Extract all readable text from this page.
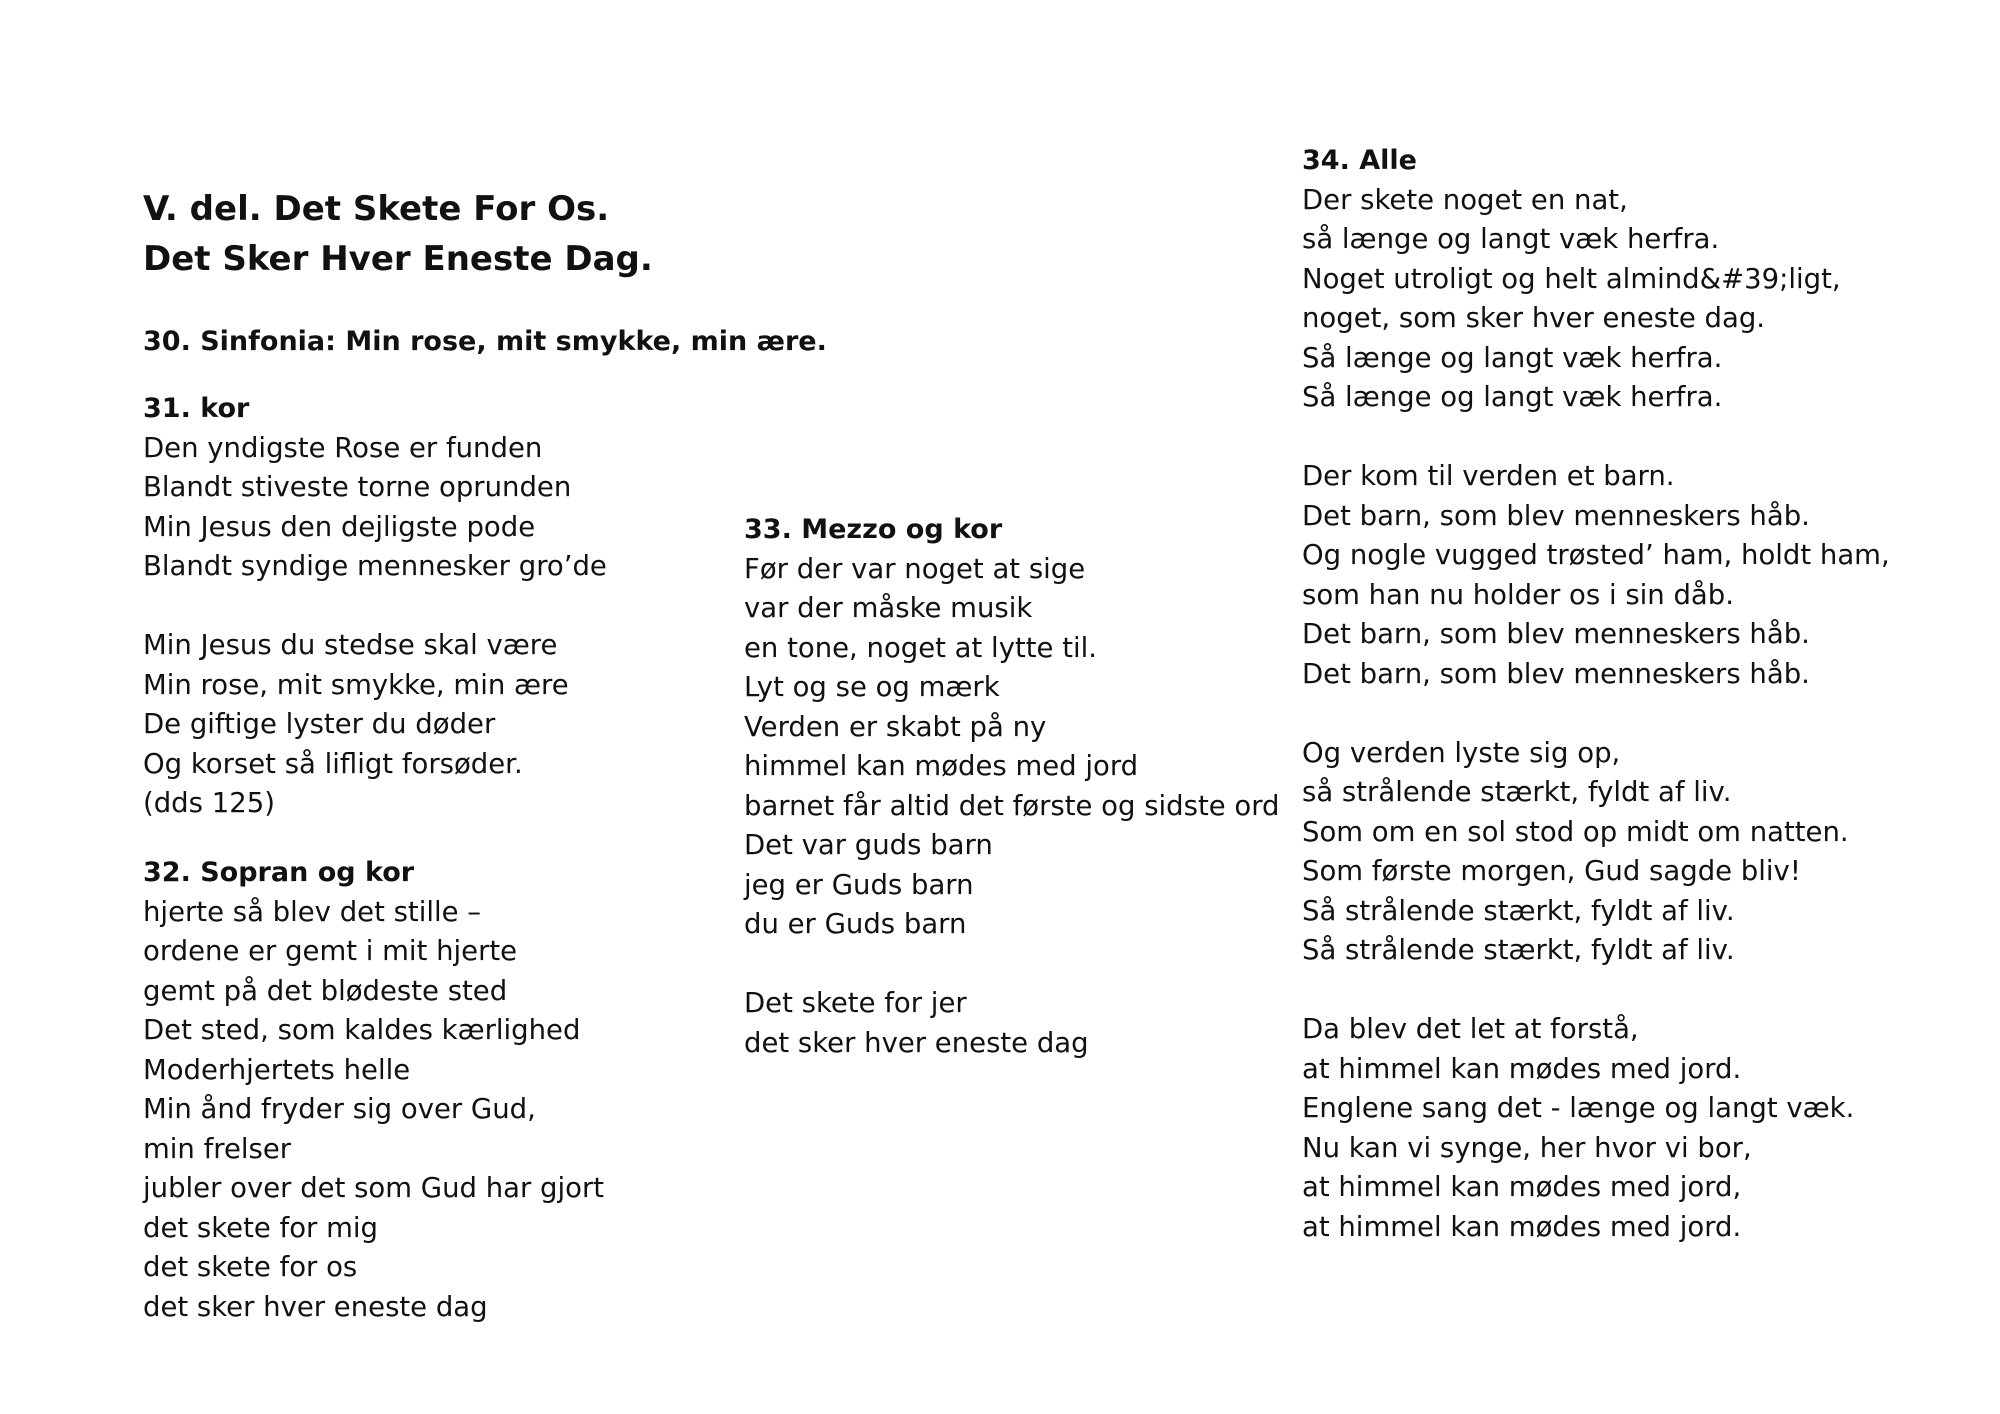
V. del. Det Skete For Os.
Det Sker Hver Eneste Dag.
30. Sinfonia: Min rose, mit smykke, min ære.
31. kor
Den yndigste Rose er funden
Blandt stiveste torne oprunden
Min Jesus den dejligste pode
Blandt syndige mennesker gro’de
Min Jesus du stedse skal være
Min rose, mit smykke, min ære
De giftige lyster du døder
Og korset så lifligt forsøder.
(dds 125)
32. Sopran og kor
hjerte så blev det stille –
ordene er gemt i mit hjerte
gemt på det blødeste sted
Det sted, som kaldes kærlighed
Moderhjertets helle
Min ånd fryder sig over Gud,
min frelser
jubler over det som Gud har gjort
det skete for mig
det skete for os
det sker hver eneste dag
33. Mezzo og kor
Før der var noget at sige
var der måske musik
en tone, noget at lytte til.
Lyt og se og mærk
Verden er skabt på ny
himmel kan mødes med jord
barnet får altid det første og sidste ord
Det var guds barn
jeg er Guds barn
du er Guds barn
Det skete for jer
det sker hver eneste dag
34. Alle
Der skete noget en nat,
så længe og langt væk herfra.
Noget utroligt og helt almind&#39;ligt,
noget, som sker hver eneste dag.
Så længe og langt væk herfra.
Så længe og langt væk herfra.
Der kom til verden et barn.
Det barn, som blev menneskers håb.
Og nogle vugged trøsted’ ham, holdt ham,
som han nu holder os i sin dåb.
Det barn, som blev menneskers håb.
Det barn, som blev menneskers håb.
Og verden lyste sig op,
så strålende stærkt, fyldt af liv.
Som om en sol stod op midt om natten.
Som første morgen, Gud sagde bliv!
Så strålende stærkt, fyldt af liv.
Så strålende stærkt, fyldt af liv.
Da blev det let at forstå,
at himmel kan mødes med jord.
Englene sang det - længe og langt væk.
Nu kan vi synge, her hvor vi bor,
at himmel kan mødes med jord,
at himmel kan mødes med jord.
